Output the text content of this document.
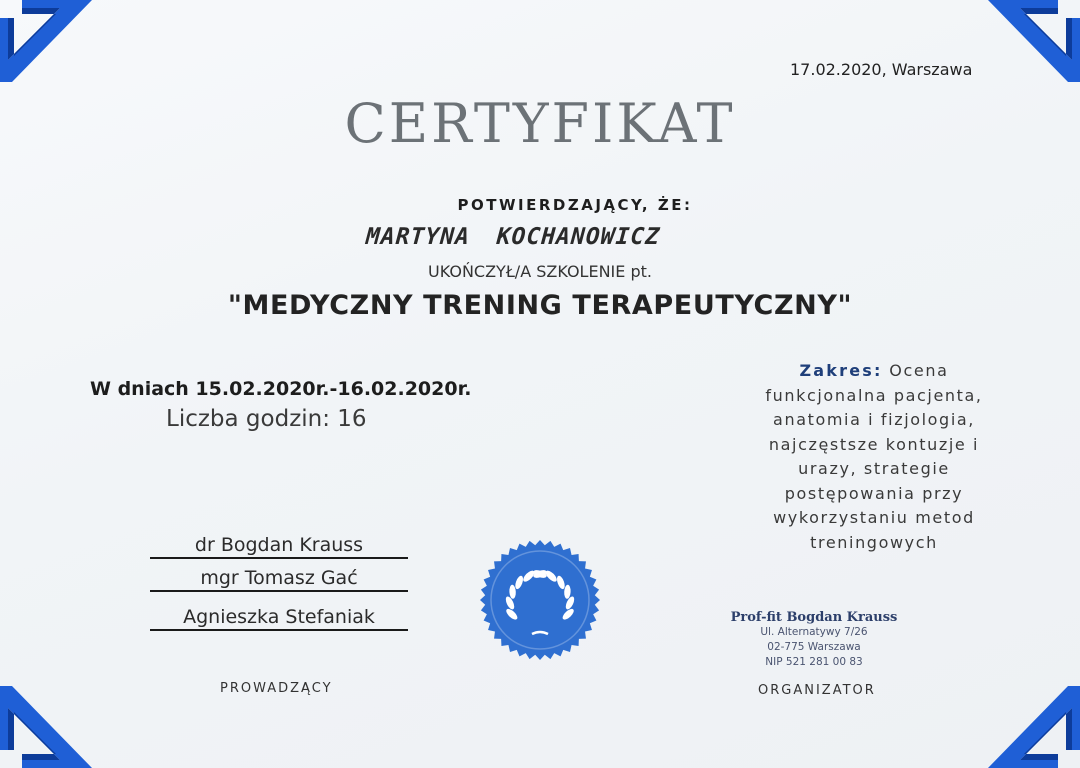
17.02.2020, Warszawa
CERTYFIKAT
POTWIERDZAJĄCY, ŻE:
MARTYNA KOCHANOWICZ
UKOŃCZYŁ/A SZKOLENIE pt.
"MEDYCZNY TRENING TERAPEUTYCZNY"
W dniach 15.02.2020r.-16.02.2020r.
Liczba godzin: 16
Zakres: Ocena funkcjonalna pacjenta, anatomia i fizjologia, najczęstsze kontuzje i urazy, strategie postępowania przy wykorzystaniu metod treningowych
dr Bogdan Krauss
mgr Tomasz Gać
Agnieszka Stefaniak
PROWADZĄCY
Prof-fit Bogdan Krauss
Ul. Alternatywy 7/26
02-775 Warszawa
NIP 521 281 00 83
ORGANIZATOR
